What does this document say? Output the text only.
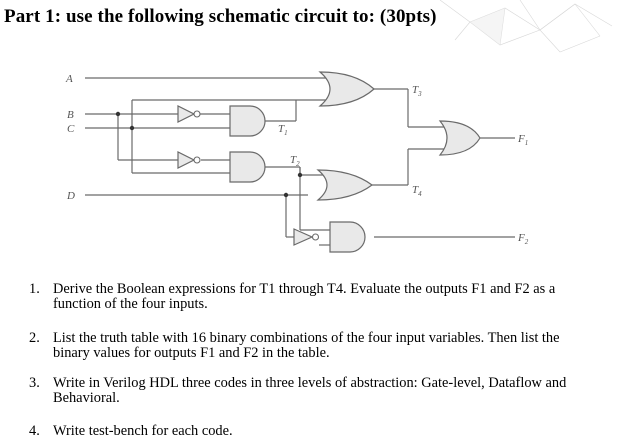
Part 1: use the following schematic circuit to: (30pts)
A
B
C
D
$T_3$
$T_1$
$T_2$
$T_4$
$F_1$
$F_2$
1. Derive the Boolean expressions for T1 through T4. Evaluate the outputs F1 and F2 as a
function of the four inputs.
2. List the truth table with 16 binary combinations of the four input variables. Then list the
binary values for outputs F1 and F2 in the table.
3. Write in Verilog HDL three codes in three levels of abstraction: Gate-level, Dataflow and
Behavioral.
4. Write test-bench for each code.
